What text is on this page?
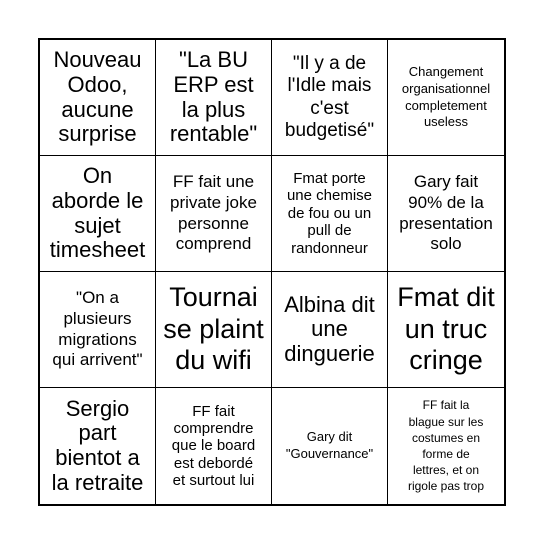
Nouveau
Odoo,
aucune
surprise
"La BU
ERP est
la plus
rentable"
"Il y a de
l'Idle mais
c'est
budgetisé"
Changement
organisationnel
completement
useless
On
aborde le
sujet
timesheet
FF fait une
private joke
personne
comprend
Fmat porte
une chemise
de fou ou un
pull de
randonneur
Gary fait
90% de la
presentation
solo
"On a
plusieurs
migrations
qui arrivent"
Tournai
se plaint
du wifi
Albina dit
une
dinguerie
Fmat dit
un truc
cringe
Sergio
part
bientot a
la retraite
FF fait
comprendre
que le board
est debordé
et surtout lui
Gary dit
"Gouvernance"
FF fait la
blague sur les
costumes en
forme de
lettres, et on
rigole pas trop
